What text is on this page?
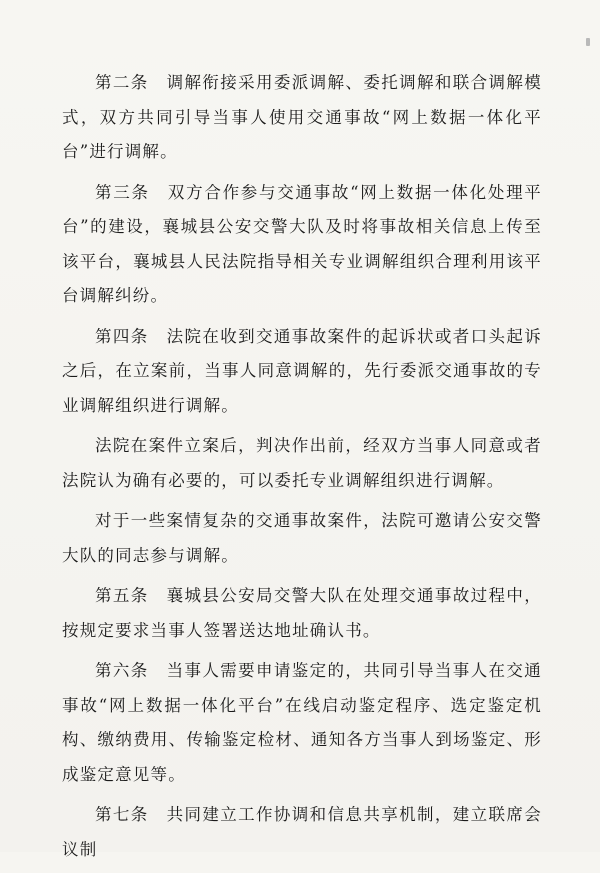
第二条　 调解衔接采用委派调解、委托调解和联合调解模式，双方共同引导当事人使用交通事故“网上数据一体化平台”进行调解。

第三条　 双方合作参与交通事故“网上数据一体化处理平台”的建设，襄城县公安交警大队及时将事故相关信息上传至该平台，襄城县人民法院指导相关专业调解组织合理利用该平台调解纠纷。

第四条　 法院在收到交通事故案件的起诉状或者口头起诉之后，在立案前，当事人同意调解的，先行委派交通事故的专业调解组织进行调解。

法院在案件立案后，判决作出前，经双方当事人同意或者法院认为确有必要的，可以委托专业调解组织进行调解。

对于一些案情复杂的交通事故案件，法院可邀请公安交警大队的同志参与调解。

第五条　 襄城县公安局交警大队在处理交通事故过程中，按规定要求当事人签署送达地址确认书。

第六条　 当事人需要申请鉴定的，共同引导当事人在交通事故“网上数据一体化平台”在线启动鉴定程序、选定鉴定机构、缴纳费用、传输鉴定检材、通知各方当事人到场鉴定、形成鉴定意见等。

第七条　 共同建立工作协调和信息共享机制，建立联席会议制
